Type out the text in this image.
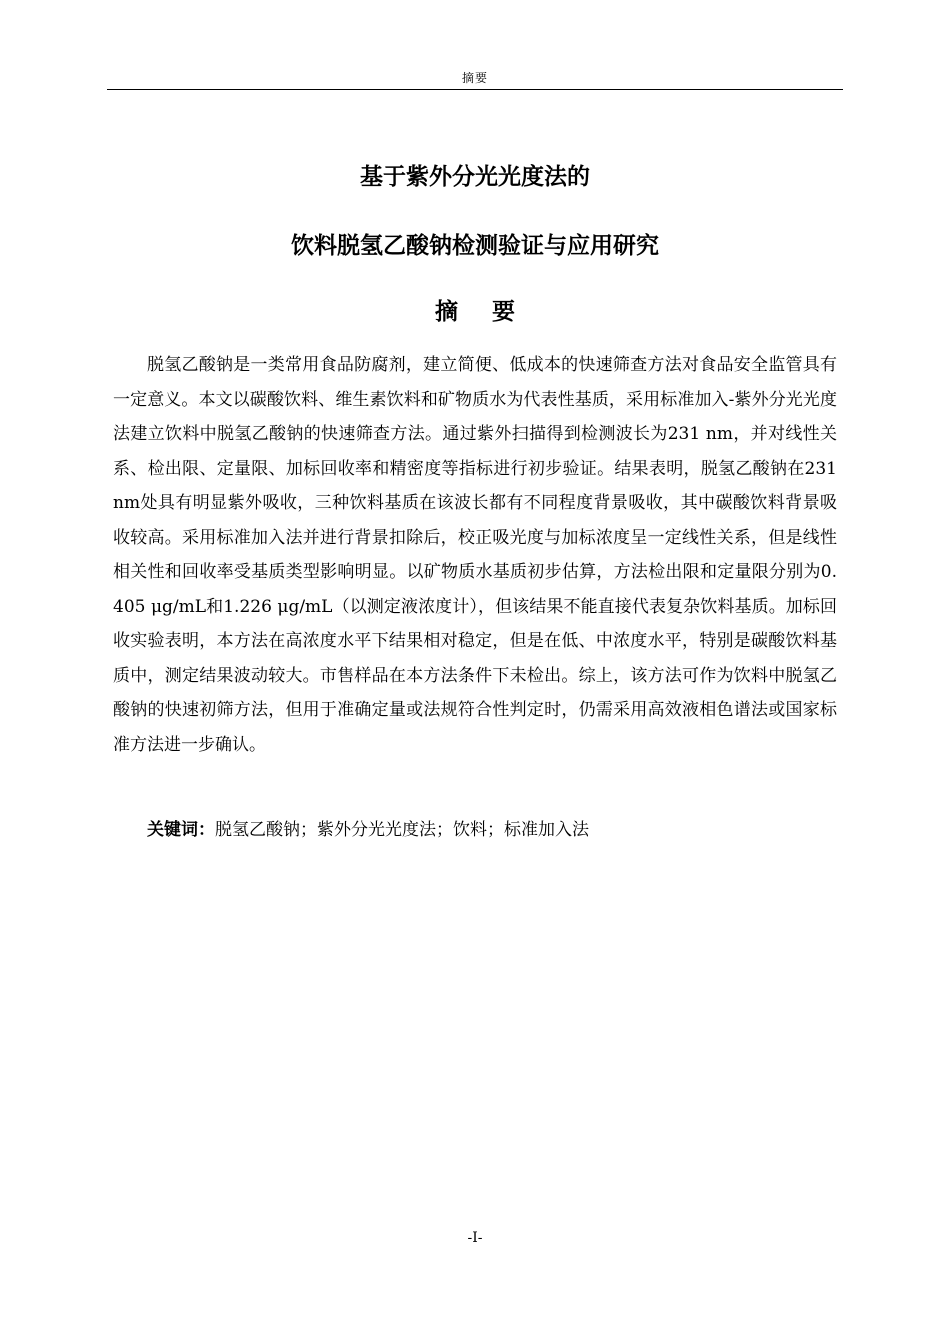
摘要
基于紫外分光光度法的
饮料脱氢乙酸钠检测验证与应用研究
摘要

脱氢乙酸钠是一类常用食品防腐剂，建立简便、低成本的快速筛查方法对食品安全监管具有一定意义。本文以碳酸饮料、维生素饮料和矿物质水为代表性基质，采用标准加入-紫外分光光度法建立饮料中脱氢乙酸钠的快速筛查方法。通过紫外扫描得到检测波长为231 nm，并对线性关系、检出限、定量限、加标回收率和精密度等指标进行初步验证。结果表明，脱氢乙酸钠在231 nm处具有明显紫外吸收，三种饮料基质在该波长都有不同程度背景吸收，其中碳酸饮料背景吸收较高。采用标准加入法并进行背景扣除后，校正吸光度与加标浓度呈一定线性关系，但是线性相关性和回收率受基质类型影响明显。以矿物质水基质初步估算，方法检出限和定量限分别为0.405 μg/mL和1.226 μg/mL（以测定液浓度计），但该结果不能直接代表复杂饮料基质。加标回收实验表明，本方法在高浓度水平下结果相对稳定，但是在低、中浓度水平，特别是碳酸饮料基质中，测定结果波动较大。市售样品在本方法条件下未检出。综上，该方法可作为饮料中脱氢乙酸钠的快速初筛方法，但用于准确定量或法规符合性判定时，仍需采用高效液相色谱法或国家标准方法进一步确认。

关键词：脱氢乙酸钠；紫外分光光度法；饮料；标准加入法

-I-
